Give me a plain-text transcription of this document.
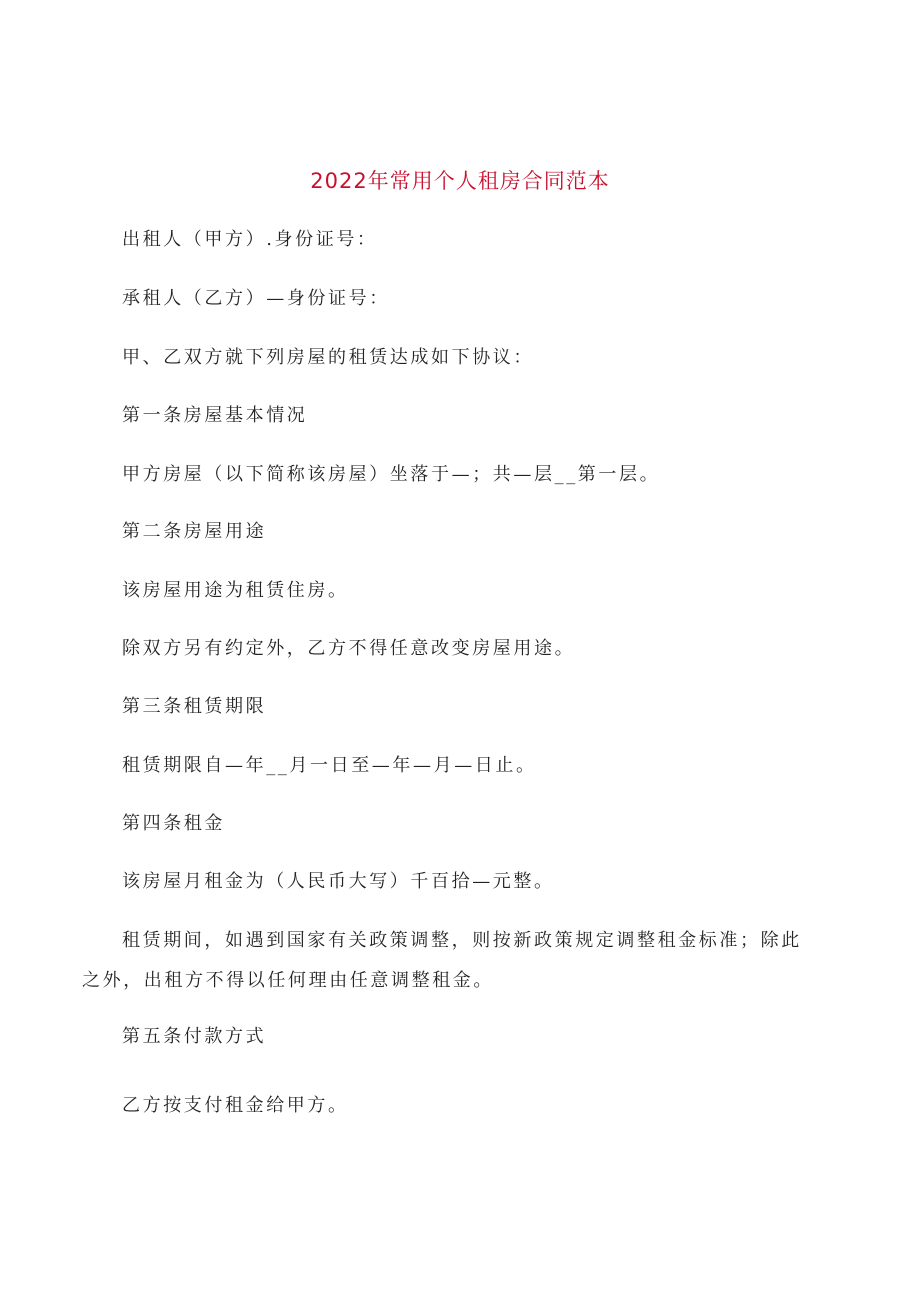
2022年常用个人租房合同范本
出租人（甲方）.身份证号：
承租人（乙方）—身份证号：
甲、乙双方就下列房屋的租赁达成如下协议：
第一条房屋基本情况
甲方房屋（以下简称该房屋）坐落于—；共—层__第一层。
第二条房屋用途
该房屋用途为租赁住房。
除双方另有约定外，乙方不得任意改变房屋用途。
第三条租赁期限
租赁期限自—年__月一日至—年—月—日止。
第四条租金
该房屋月租金为（人民币大写）千百拾—元整。
租赁期间，如遇到国家有关政策调整，则按新政策规定调整租金标准；除此之外，出租方不得以任何理由任意调整租金。
第五条付款方式
乙方按支付租金给甲方。
